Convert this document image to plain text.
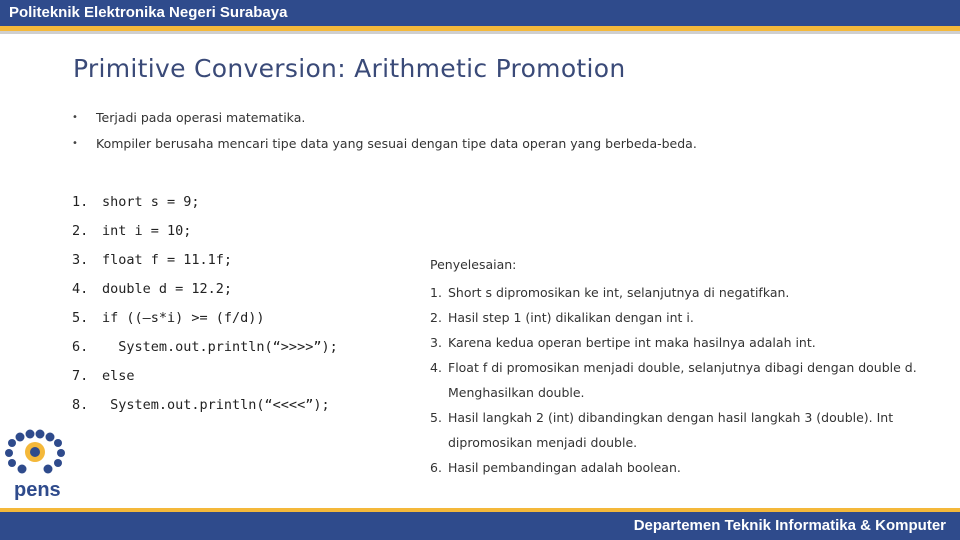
Politeknik Elektronika Negeri Surabaya
Primitive Conversion: Arithmetic Promotion
• Terjadi pada operasi matematika.
• Kompiler berusaha mencari tipe data yang sesuai dengan tipe data operan yang berbeda-beda.
1. short s = 9;
2. int i = 10;
3. float f = 11.1f;
4. double d = 12.2;
5. if ((–s*i) >= (f/d))
6.  System.out.println(“>>>>”);
7. else
8. System.out.println(“<<<<”);
Penyelesaian:
1. Short s dipromosikan ke int, selanjutnya di negatifkan.
2. Hasil step 1 (int) dikalikan dengan int i.
3. Karena kedua operan bertipe int maka hasilnya adalah int.
4. Float f di promosikan menjadi double, selanjutnya dibagi dengan double d. Menghasilkan double.
5. Hasil langkah 2 (int) dibandingkan dengan hasil langkah 3 (double). Int dipromosikan menjadi double.
6. Hasil pembandingan adalah boolean.
pens
Departemen Teknik Informatika & Komputer
